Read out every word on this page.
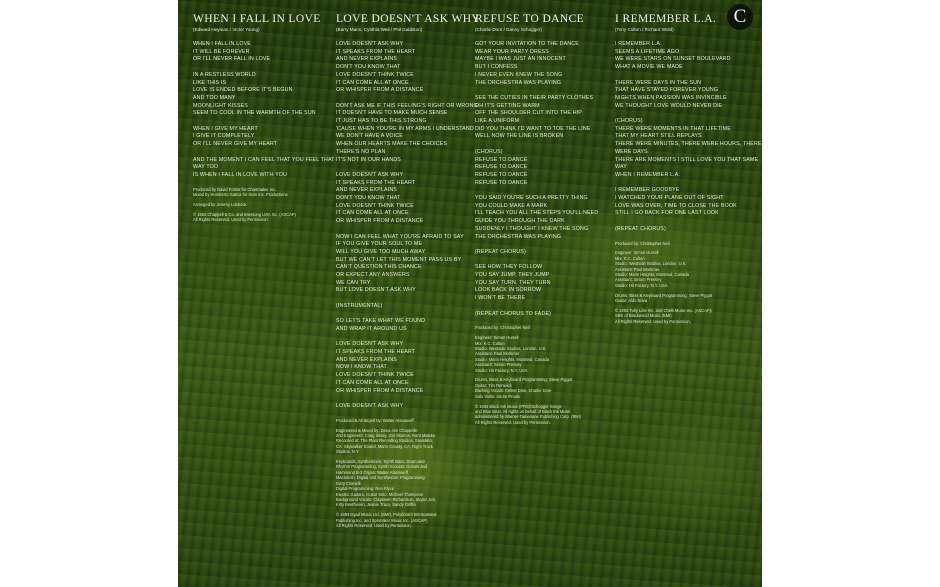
C
WHEN I FALL IN LOVE
(Edward Heyman / Victor Young)
WHEN I FALL IN LOVE
IT WILL BE FOREVER
OR I'LL NEVER FALL IN LOVE
IN A RESTLESS WORLD
LIKE THIS IS
LOVE IS ENDED BEFORE IT'S BEGUN
AND TOO MANY
MOONLIGHT KISSES
SEEM TO COOL IN THE WARMTH OF THE SUN
WHEN I GIVE MY HEART
I GIVE IT COMPLETELY
OR I'LL NEVER GIVE MY HEART
AND THE MOMENT I CAN FEEL THAT YOU FEEL THAT
WAY TOO
IS WHEN I FALL IN LOVE WITH YOU
Produced by David Foster for Chartmaker Inc.
Mixed by Humberto Gatica for Hum Inc. Productions
Arranged by Jeremy Lubbock
© 1952 Chappell & Co. and Intersong USA Inc. (ASCAP)
All Rights Reserved. Used by Permission.
LOVE DOESN'T ASK WHY
(Barry Mann, Cynthia Weil / Phil Galdston)
LOVE DOESN'T ASK WHY
IT SPEAKS FROM THE HEART
AND NEVER EXPLAINS
DON'T YOU KNOW THAT
LOVE DOESN'T THINK TWICE
IT CAN COME ALL AT ONCE
OR WHISPER FROM A DISTANCE
DON'T ASK ME IF THIS FEELING'S RIGHT OR WRONG
IT DOESN'T HAVE TO MAKE MUCH SENSE
IT JUST HAS TO BE THIS STRONG
'CAUSE WHEN YOU'RE IN MY ARMS I UNDERSTAND
WE DON'T HAVE A VOICE
WHEN OUR HEARTS MAKE THE CHOICES
THERE'S NO PLAN
IT'S NOT IN OUR HANDS
LOVE DOESN'T ASK WHY
IT SPEAKS FROM THE HEART
AND NEVER EXPLAINS
DON'T YOU KNOW THAT
LOVE DOESN'T THINK TWICE
IT CAN COME ALL AT ONCE
OR WHISPER FROM A DISTANCE
NOW I CAN FEEL WHAT YOU'RE AFRAID TO SAY
IF YOU GIVE YOUR SOUL TO ME
WILL YOU GIVE TOO MUCH AWAY
BUT WE CAN'T LET THIS MOMENT PASS US BY
CAN'T QUESTION THIS CHANCE
OR EXPECT ANY ANSWERS
WE CAN TRY
BUT LOVE DOESN'T ASK WHY
(INSTRUMENTAL)
SO LET'S TAKE WHAT WE FOUND
AND WRAP IT AROUND US
LOVE DOESN'T ASK WHY
IT SPEAKS FROM THE HEART
AND NEVER EXPLAINS
NOW I KNOW THAT
LOVE DOESN'T THINK TWICE
IT CAN COME ALL AT ONCE
OR WHISPER FROM A DISTANCE
LOVE DOESN'T ASK WHY
Produced & Arranged by: Walter Afanasieff
Engineered & Mixed by: Dana Jon Chappelle
2nd Engineers: Craig Silvey, Jon Monroe, Kent Matcke
Recorded at: The Plant Recording Studios, Sausalito,
CA; Skywalker Sound, Marin County, CA; Right Track
Studios, N.Y.
Keyboards, Synthesizers, Synth Bass, Drum and
Rhythm Programming, Synth Acoustic Guitars and
Hammond B-3 Organ: Walter Afanasieff
Macintosh, Digital and Synthesizer Programming:
Gary Cirimelli
Digital Programming: Ren Klyce
Electric Guitars, Guitar Solo: Michael Thompson
Background Vocals: Claytoven Richardson, Skyler Jett,
Kitty Beethoven, Jeanie Tracy, Sandy Griffin
© 1993 Dyad Music Ltd. (BMI), Polydoram International
Publishing Inc. and Spinnaker Music Inc. (ASCAP)
All Rights Reserved. Used by Permission.
REFUSE TO DANCE
(Charlie Dore / Danny Schogger)
GOT YOUR INVITATION TO THE DANCE
WEAR YOUR PARTY DRESS
MAYBE I WAS JUST AN INNOCENT
BUT I CONFESS
I NEVER EVEN KNEW THE SONG
THE ORCHESTRA WAS PLAYING
SEE THE CUTIES IN THEIR PARTY CLOTHES
OH IT'S GETTING WARM
OFF THE SHOULDER CUT INTO THE HIP
LIKE A UNIFORM
DID YOU THINK I'D WANT TO TOE THE LINE
WELL NOW THE LINE IS BROKEN
(CHORUS)
REFUSE TO DANCE
REFUSE TO DANCE
REFUSE TO DANCE
REFUSE TO DANCE
YOU SAID YOU'RE SUCH A PRETTY THING
YOU COULD MAKE A MARK
I'LL TEACH YOU ALL THE STEPS YOU'LL NEED
GUIDE YOU THROUGH THE DARK
SUDDENLY I THOUGHT I KNEW THE SONG
THE ORCHESTRA WAS PLAYING
(REPEAT CHORUS)
SEE HOW THEY FOLLOW
YOU SAY JUMP, THEY JUMP
YOU SAY TURN, THEY TURN
LOOK BACK IN SORROW
I WON'T BE THERE
(REPEAT CHORUS TO FADE)
Produced by: Christopher Neil
Engineer: Simon Hurrell
Mix: K.C. Colton
Studio: Westside Studios, London, U.K.
Assistant: Paul Mortimer
Studio: Marin Heights, Montreal, Canada
Assistant: Simon Pressey
Studio: Hit Factory, N.Y. USA
Drums, Bass & Keyboard Programming: Steve Piggot
Guitar: Tim Renwick
Backing Vocals: Celine Dion, Charlie Dore
Solo Violin: Andre Proulx
© 1993 Black Ink Music (PRS)/Schogger Songs
and Blue Beat. All rights on behalf of Black Ink Music
administered by Warner-Tamerlane Publishing Corp. (BMI)
All Rights Reserved. Used by Permission.
I REMEMBER L.A.
(Tony Colton / Richard Wold)
I REMEMBER L.A.
SEEMS A LIFETIME AGO
WE WERE STARS ON SUNSET BOULEVARD
WHAT A MOVIE WE MADE
THERE WERE DAYS IN THE SUN
THAT HAVE STAYED FOREVER YOUNG
NIGHTS WHEN PASSION WAS INVINCIBLE
WE THOUGHT LOVE WOULD NEVER DIE
(CHORUS)
THERE WERE MOMENTS IN THAT LIFETIME
THAT MY HEART STILL REPLAYS
THERE WERE MINUTES, THERE WERE HOURS, THERE
WERE DAYS
THERE ARE MOMENTS I STILL LOVE YOU THAT SAME
WAY
WHEN I REMEMBER L.A.
I REMEMBER GOODBYE
I WATCHED YOUR PLANE OUT OF SIGHT
LOVE WAS OVER, TIME TO CLOSE THE BOOK
STILL I GO BACK FOR ONE LAST LOOK
(REPEAT CHORUS)
Produced by: Christopher Neil
Engineer: Simon Hurrell
Mix: K.C. Colton
Studio: Westside Studios, London, U.K.
Assistant: Paul Mortimer
Studio: Marin Heights, Montreal, Canada
Assistant: Simon Pressey
Studio: Hit Factory, N.Y. USA
Drums, Bass & Keyboard Programming: Steve Piggot
Guitar: Aldo Nova
© 1993 Tully Line Inc. and Chelli Music Inc. (ASCAP)/
SBK of Blackwood Music (BMI)
All Rights Reserved. Used by Permission.
